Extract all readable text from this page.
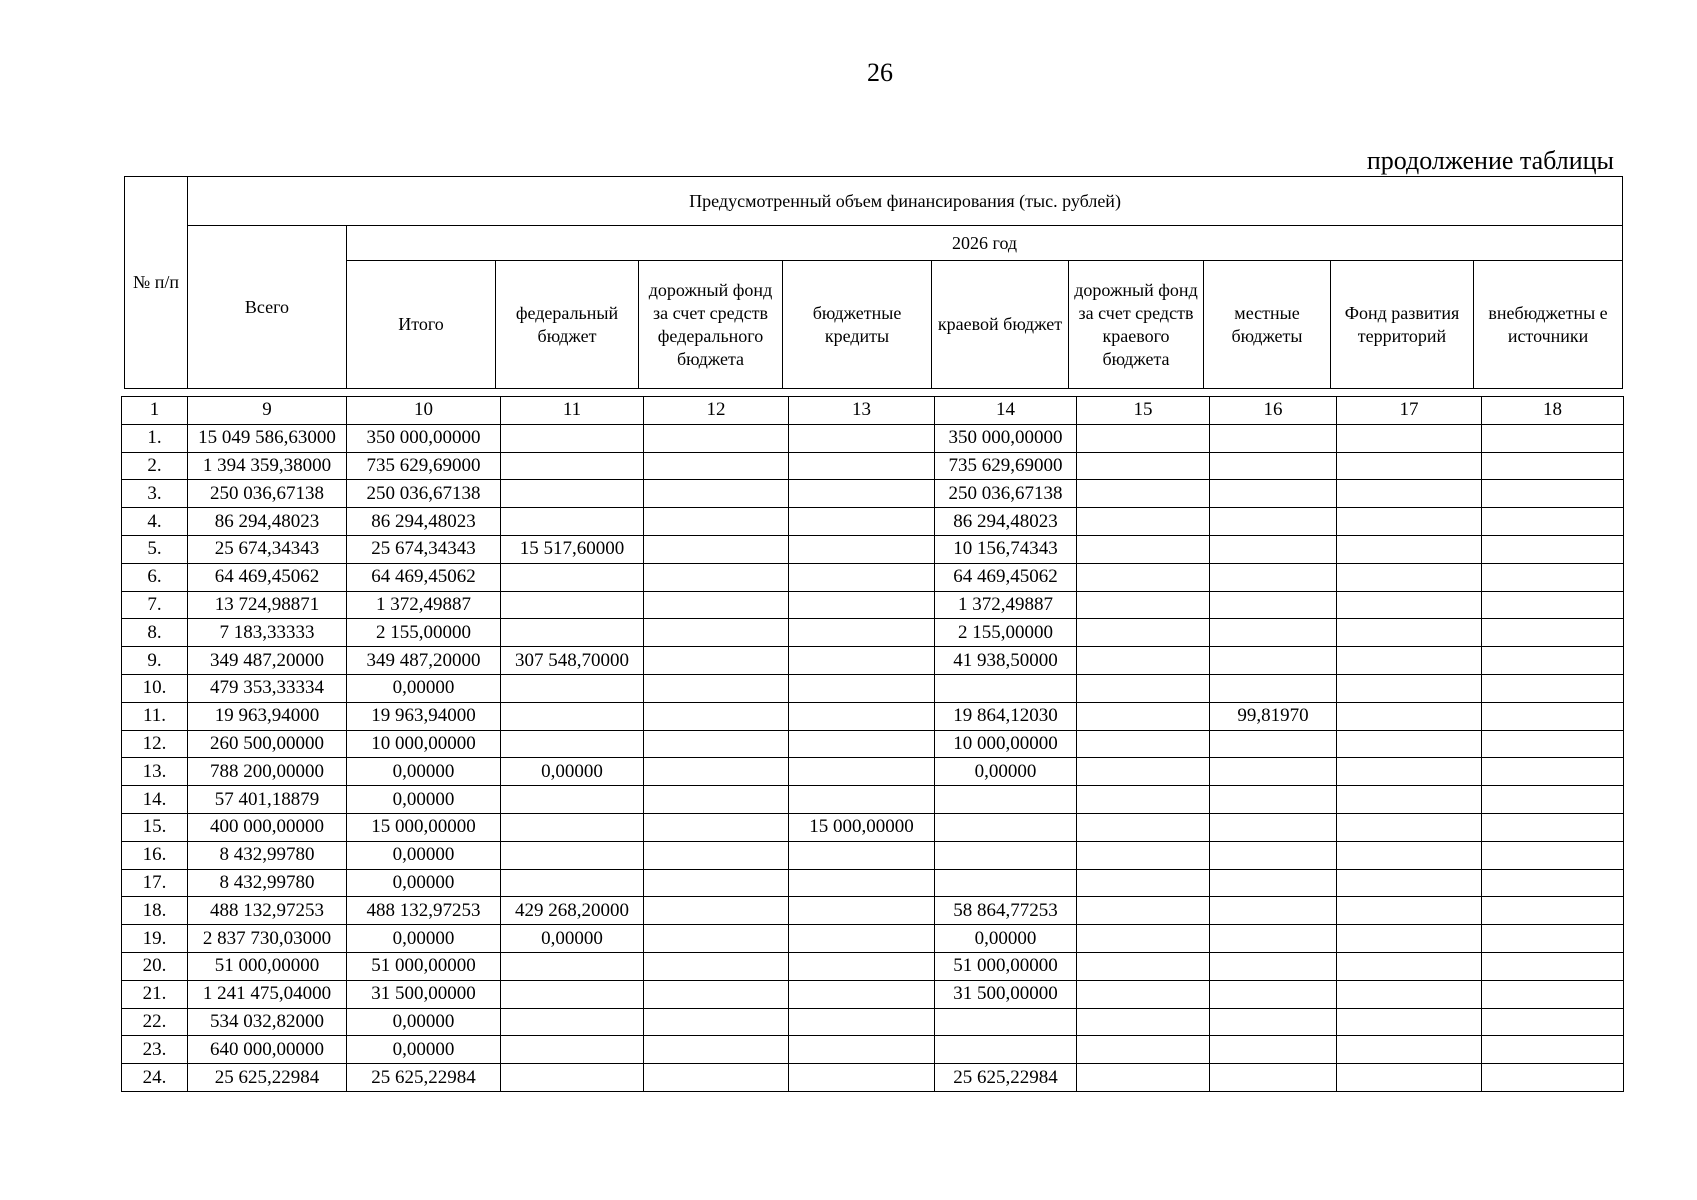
26
продолжение таблицы
№ п/п	Предусмотренный объем финансирования (тыс. рублей)									
	Всего	2026 год								
		Итого	федеральный бюджет	дорожный фонд за счет средств федерального бюджета	бюджетные кредиты	краевой бюджет	дорожный фонд за счет средств краевого бюджета	местные бюджеты	Фонд развития территорий	внебюджетны е источники
1	9	10	11	12	13	14	15	16	17	18
1.	15 049 586,63000	350 000,00000				350 000,00000				
2.	1 394 359,38000	735 629,69000				735 629,69000				
3.	250 036,67138	250 036,67138				250 036,67138				
4.	86 294,48023	86 294,48023				86 294,48023				
5.	25 674,34343	25 674,34343	15 517,60000			10 156,74343				
6.	64 469,45062	64 469,45062				64 469,45062				
7.	13 724,98871	1 372,49887				1 372,49887				
8.	7 183,33333	2 155,00000				2 155,00000				
9.	349 487,20000	349 487,20000	307 548,70000			41 938,50000				
10.	479 353,33334	0,00000								
11.	19 963,94000	19 963,94000				19 864,12030		99,81970		
12.	260 500,00000	10 000,00000				10 000,00000				
13.	788 200,00000	0,00000	0,00000			0,00000				
14.	57 401,18879	0,00000								
15.	400 000,00000	15 000,00000			15 000,00000					
16.	8 432,99780	0,00000								
17.	8 432,99780	0,00000								
18.	488 132,97253	488 132,97253	429 268,20000			58 864,77253				
19.	2 837 730,03000	0,00000	0,00000			0,00000				
20.	51 000,00000	51 000,00000				51 000,00000				
21.	1 241 475,04000	31 500,00000				31 500,00000				
22.	534 032,82000	0,00000								
23.	640 000,00000	0,00000								
24.	25 625,22984	25 625,22984				25 625,22984				
